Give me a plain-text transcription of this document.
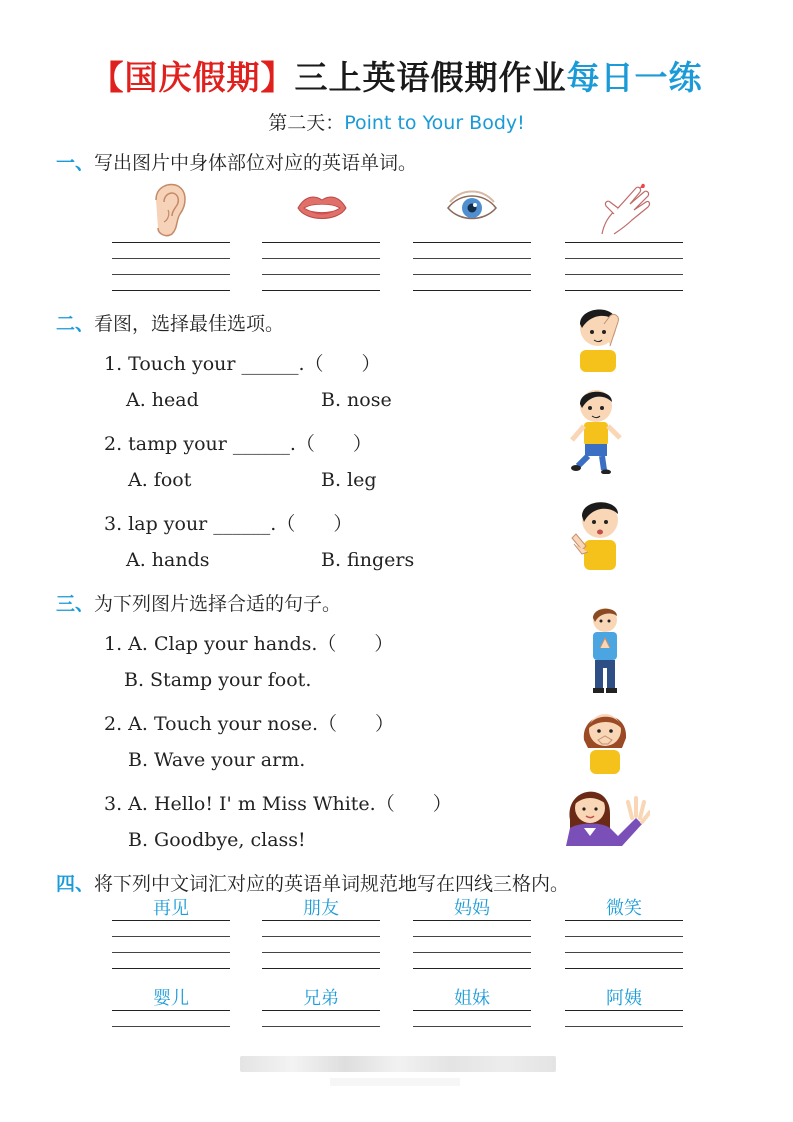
【国庆假期】三上英语假期作业每日一练
第二天：Point to Your Body!
一、写出图片中身体部位对应的英语单词。
二、看图，选择最佳选项。
1. Touch your ______.（　　）
A. head	B. nose
2. tamp your ______.（　　）
A. foot	B. leg
3. lap your ______.（　　）
A. hands	B. fingers
三、为下列图片选择合适的句子。
1. A. Clap your hands.（　　）
B. Stamp your foot.
2. A. Touch your nose.（　　）
B. Wave your arm.
3. A. Hello! I' m Miss White.（　　）
B. Goodbye, class!
四、将下列中文词汇对应的英语单词规范地写在四线三格内。
再见	朋友	妈妈	微笑
婴儿	兄弟	姐妹	阿姨
